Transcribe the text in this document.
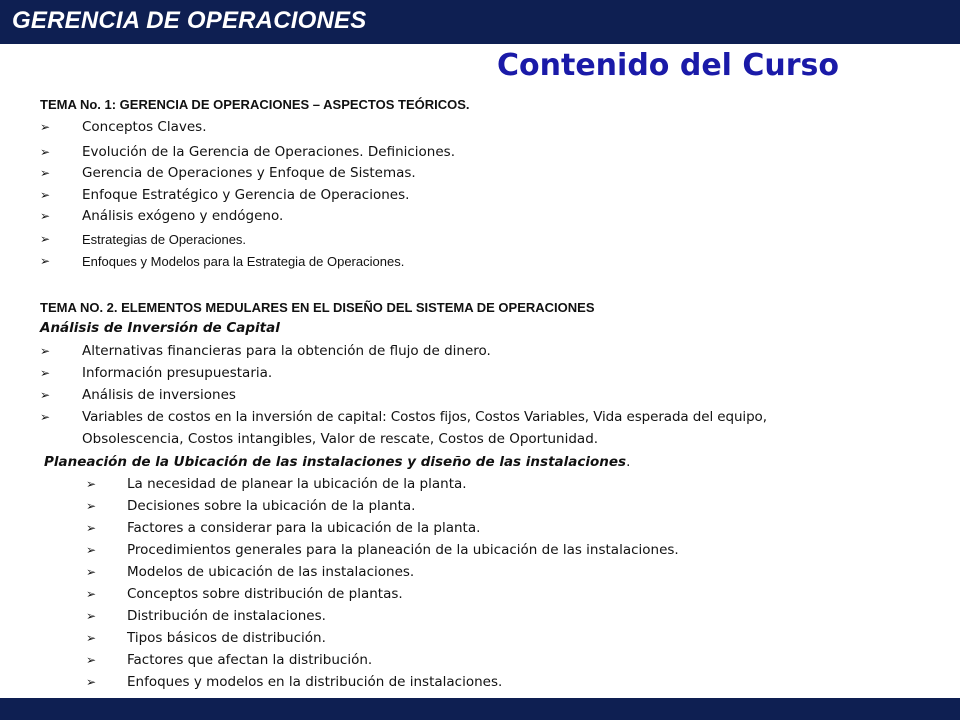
GERENCIA DE OPERACIONES
Contenido del Curso
TEMA No. 1: GERENCIA DE OPERACIONES – ASPECTOS TEÓRICOS.
➢ Conceptos Claves.
➢ Evolución de la Gerencia de Operaciones. Definiciones.
➢ Gerencia de Operaciones y Enfoque de Sistemas.
➢ Enfoque Estratégico y Gerencia de Operaciones.
➢ Análisis exógeno y endógeno.
➢ Estrategias de Operaciones.
➢ Enfoques y Modelos para la Estrategia de Operaciones.
TEMA NO. 2. ELEMENTOS MEDULARES EN EL DISEÑO DEL SISTEMA DE OPERACIONES
Análisis de Inversión de Capital
➢ Alternativas financieras para la obtención de flujo de dinero.
➢ Información presupuestaria.
➢ Análisis de inversiones
➢ Variables de costos en la inversión de capital: Costos fijos, Costos Variables, Vida esperada del equipo,
Obsolescencia, Costos intangibles, Valor de rescate, Costos de Oportunidad.
Planeación de la Ubicación de las instalaciones y diseño de las instalaciones.
➢ La necesidad de planear la ubicación de la planta.
➢ Decisiones sobre la ubicación de la planta.
➢ Factores a considerar para la ubicación de la planta.
➢ Procedimientos generales para la planeación de la ubicación de las instalaciones.
➢ Modelos de ubicación de las instalaciones.
➢ Conceptos sobre distribución de plantas.
➢ Distribución de instalaciones.
➢ Tipos básicos de distribución.
➢ Factores que afectan la distribución.
➢ Enfoques y modelos en la distribución de instalaciones.
